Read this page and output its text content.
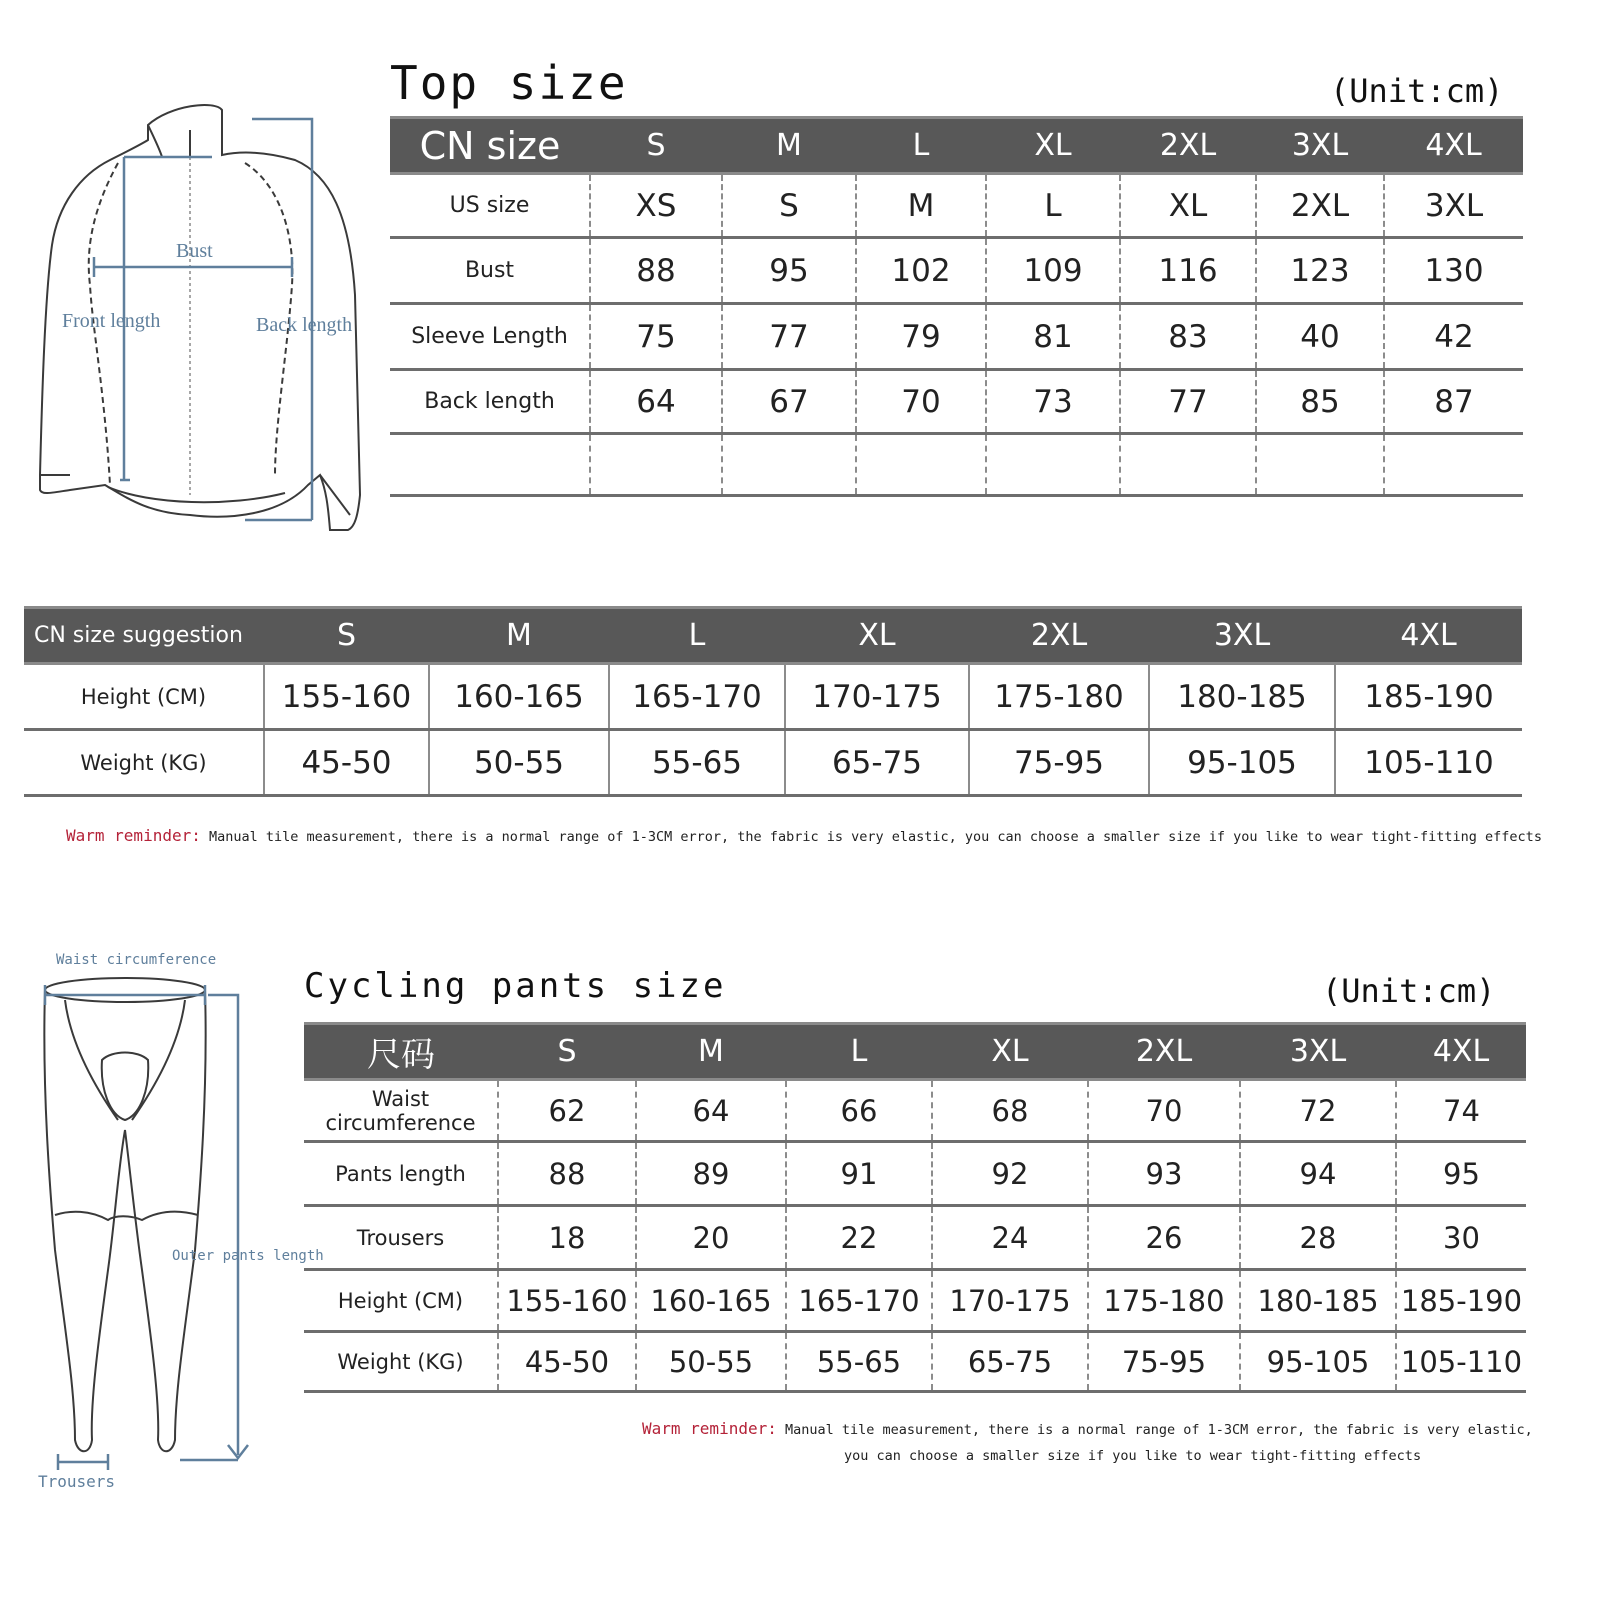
Top size	(Unit:cm)
Bust
Front length	Back length
CN size	S	M	L	XL	2XL	3XL	4XL
US size	XS	S	M	L	XL	2XL	3XL
Bust	88	95	102	109	116	123	130
Sleeve Length	75	77	79	81	83	40	42
Back length	64	67	70	73	77	85	87

CN size suggestion	S	M	L	XL	2XL	3XL	4XL
Height (CM)	155-160	160-165	165-170	170-175	175-180	180-185	185-190
Weight (KG)	45-50	50-55	55-65	65-75	75-95	95-105	105-110
Warm reminder: Manual tile measurement, there is a normal range of 1-3CM error, the fabric is very elastic, you can choose a smaller size if you like to wear tight-fitting effects
Cycling pants size	(Unit:cm)
Waist circumference
Outer pants length
Trousers
尺码	S	M	L	XL	2XL	3XL	4XL
Waist circumference	62	64	66	68	70	72	74
Pants length	88	89	91	92	93	94	95
Trousers	18	20	22	24	26	28	30
Height (CM)	155-160	160-165	165-170	170-175	175-180	180-185	185-190
Weight (KG)	45-50	50-55	55-65	65-75	75-95	95-105	105-110
Warm reminder: Manual tile measurement, there is a normal range of 1-3CM error, the fabric is very elastic,
you can choose a smaller size if you like to wear tight-fitting effects
